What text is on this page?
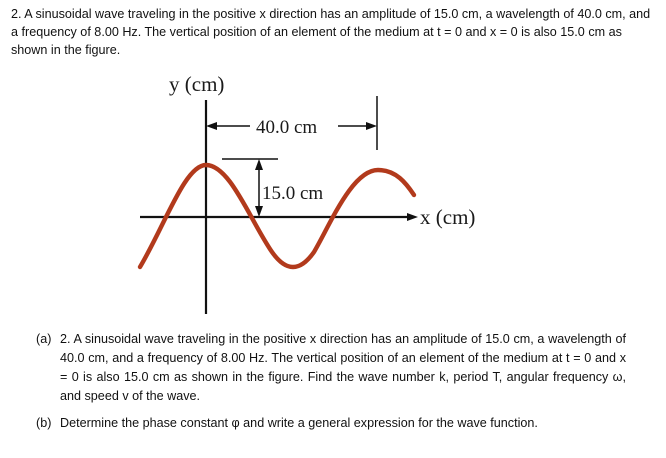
2. A sinusoidal wave traveling in the positive x direction has an amplitude of 15.0 cm, a wavelength of 40.0 cm, and a frequency of 8.00 Hz. The vertical position of an element of the medium at t = 0 and x = 0 is also 15.0 cm as shown in the figure.

y (cm)
40.0 cm
15.0 cm
x (cm)
(a) 2. A sinusoidal wave traveling in the positive x direction has an amplitude of 15.0 cm, a wavelength of 40.0 cm, and a frequency of 8.00 Hz. The vertical position of an element of the medium at t = 0 and x = 0 is also 15.0 cm as shown in the figure. Find the wave number k, period T, angular frequency ω, and speed v of the wave.
(b) Determine the phase constant φ and write a general expression for the wave function.
